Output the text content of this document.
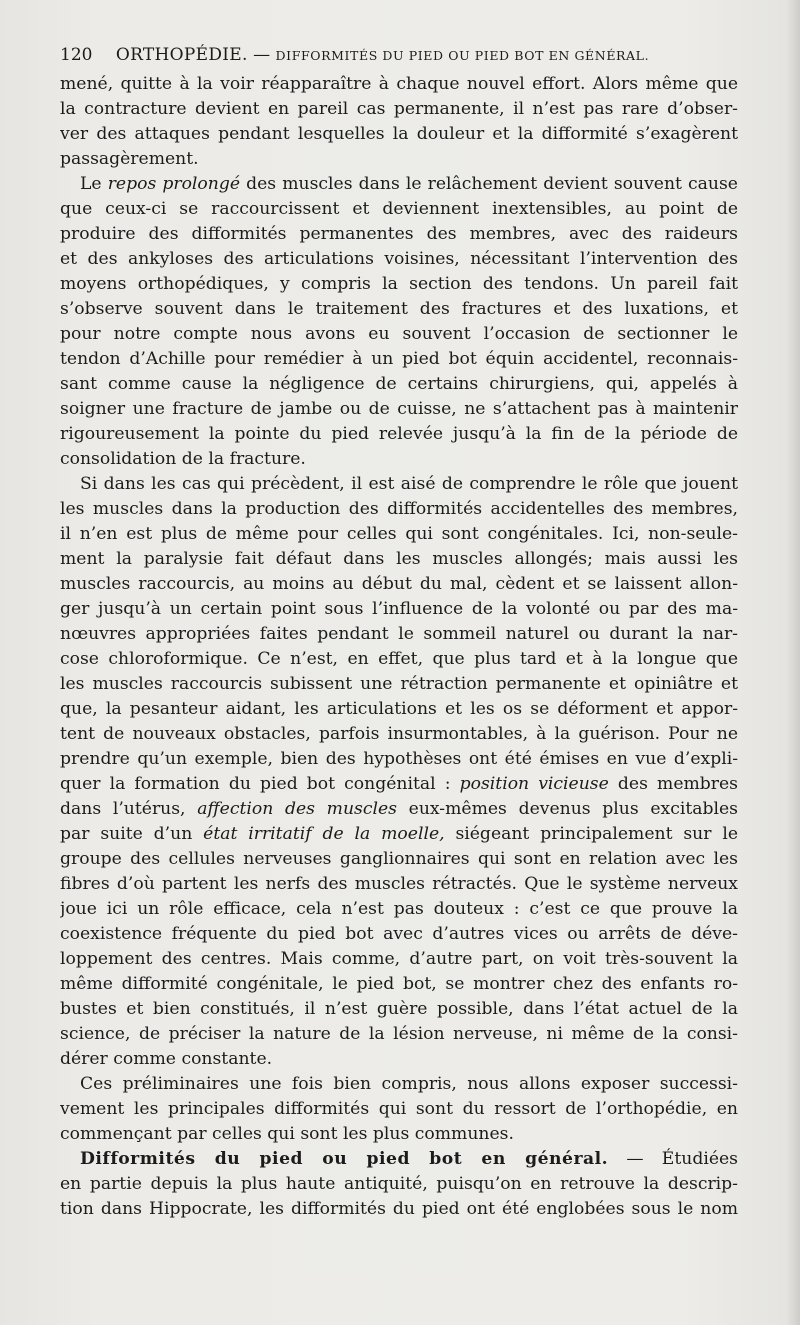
120 ORTHOPÉDIE. — DIFFORMITÉS DU PIED OU PIED BOT EN GÉNÉRAL.
mené, quitte à la voir réapparaître à chaque nouvel effort. Alors même que
la contracture devient en pareil cas permanente, il n’est pas rare d’obser-
ver des attaques pendant lesquelles la douleur et la difformité s’exagèrent
passagèrement.
Le repos prolongé des muscles dans le relâchement devient souvent cause
que ceux-ci se raccourcissent et deviennent inextensibles, au point de
produire des difformités permanentes des membres, avec des raideurs
et des ankyloses des articulations voisines, nécessitant l’intervention des
moyens orthopédiques, y compris la section des tendons. Un pareil fait
s’observe souvent dans le traitement des fractures et des luxations, et
pour notre compte nous avons eu souvent l’occasion de sectionner le
tendon d’Achille pour remédier à un pied bot équin accidentel, reconnais-
sant comme cause la négligence de certains chirurgiens, qui, appelés à
soigner une fracture de jambe ou de cuisse, ne s’attachent pas à maintenir
rigoureusement la pointe du pied relevée jusqu’à la fin de la période de
consolidation de la fracture.
Si dans les cas qui précèdent, il est aisé de comprendre le rôle que jouent
les muscles dans la production des difformités accidentelles des membres,
il n’en est plus de même pour celles qui sont congénitales. Ici, non-seule-
ment la paralysie fait défaut dans les muscles allongés; mais aussi les
muscles raccourcis, au moins au début du mal, cèdent et se laissent allon-
ger jusqu’à un certain point sous l’influence de la volonté ou par des ma-
nœuvres appropriées faites pendant le sommeil naturel ou durant la nar-
cose chloroformique. Ce n’est, en effet, que plus tard et à la longue que
les muscles raccourcis subissent une rétraction permanente et opiniâtre et
que, la pesanteur aidant, les articulations et les os se déforment et appor-
tent de nouveaux obstacles, parfois insurmontables, à la guérison. Pour ne
prendre qu’un exemple, bien des hypothèses ont été émises en vue d’expli-
quer la formation du pied bot congénital : position vicieuse des membres
dans l’utérus, affection des muscles eux-mêmes devenus plus excitables
par suite d’un état irritatif de la moelle, siégeant principalement sur le
groupe des cellules nerveuses ganglionnaires qui sont en relation avec les
fibres d’où partent les nerfs des muscles rétractés. Que le système nerveux
joue ici un rôle efficace, cela n’est pas douteux : c’est ce que prouve la
coexistence fréquente du pied bot avec d’autres vices ou arrêts de déve-
loppement des centres. Mais comme, d’autre part, on voit très-souvent la
même difformité congénitale, le pied bot, se montrer chez des enfants ro-
bustes et bien constitués, il n’est guère possible, dans l’état actuel de la
science, de préciser la nature de la lésion nerveuse, ni même de la consi-
dérer comme constante.
Ces préliminaires une fois bien compris, nous allons exposer successi-
vement les principales difformités qui sont du ressort de l’orthopédie, en
commençant par celles qui sont les plus communes.
Difformités du pied ou pied bot en général. — Étudiées
en partie depuis la plus haute antiquité, puisqu’on en retrouve la descrip-
tion dans Hippocrate, les difformités du pied ont été englobées sous le nom
